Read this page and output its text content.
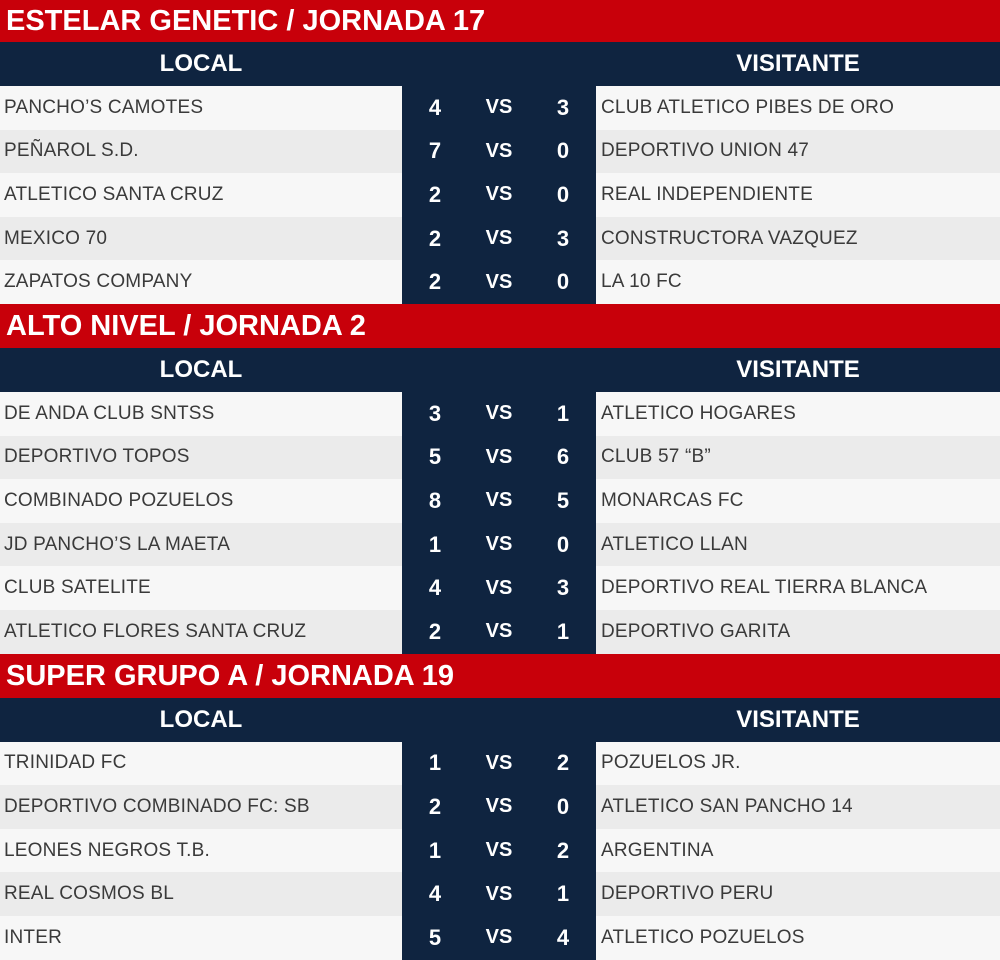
ESTELAR GENETIC / JORNADA 17
LOCAL	VISITANTE
PANCHO’S CAMOTES	4	VS	3	CLUB ATLETICO PIBES DE ORO
PEÑAROL S.D.	7	VS	0	DEPORTIVO UNION 47
ATLETICO SANTA CRUZ	2	VS	0	REAL INDEPENDIENTE
MEXICO 70	2	VS	3	CONSTRUCTORA VAZQUEZ
ZAPATOS COMPANY	2	VS	0	LA 10 FC
ALTO NIVEL / JORNADA 2
LOCAL	VISITANTE
DE ANDA CLUB SNTSS	3	VS	1	ATLETICO HOGARES
DEPORTIVO TOPOS	5	VS	6	CLUB 57 “B”
COMBINADO POZUELOS	8	VS	5	MONARCAS FC
JD PANCHO’S LA MAETA	1	VS	0	ATLETICO LLAN
CLUB SATELITE	4	VS	3	DEPORTIVO REAL TIERRA BLANCA
ATLETICO FLORES SANTA CRUZ	2	VS	1	DEPORTIVO GARITA
SUPER GRUPO A / JORNADA 19
LOCAL	VISITANTE
TRINIDAD FC	1	VS	2	POZUELOS JR.
DEPORTIVO COMBINADO FC: SB	2	VS	0	ATLETICO SAN PANCHO 14
LEONES NEGROS T.B.	1	VS	2	ARGENTINA
REAL COSMOS BL	4	VS	1	DEPORTIVO PERU
INTER	5	VS	4	ATLETICO POZUELOS
